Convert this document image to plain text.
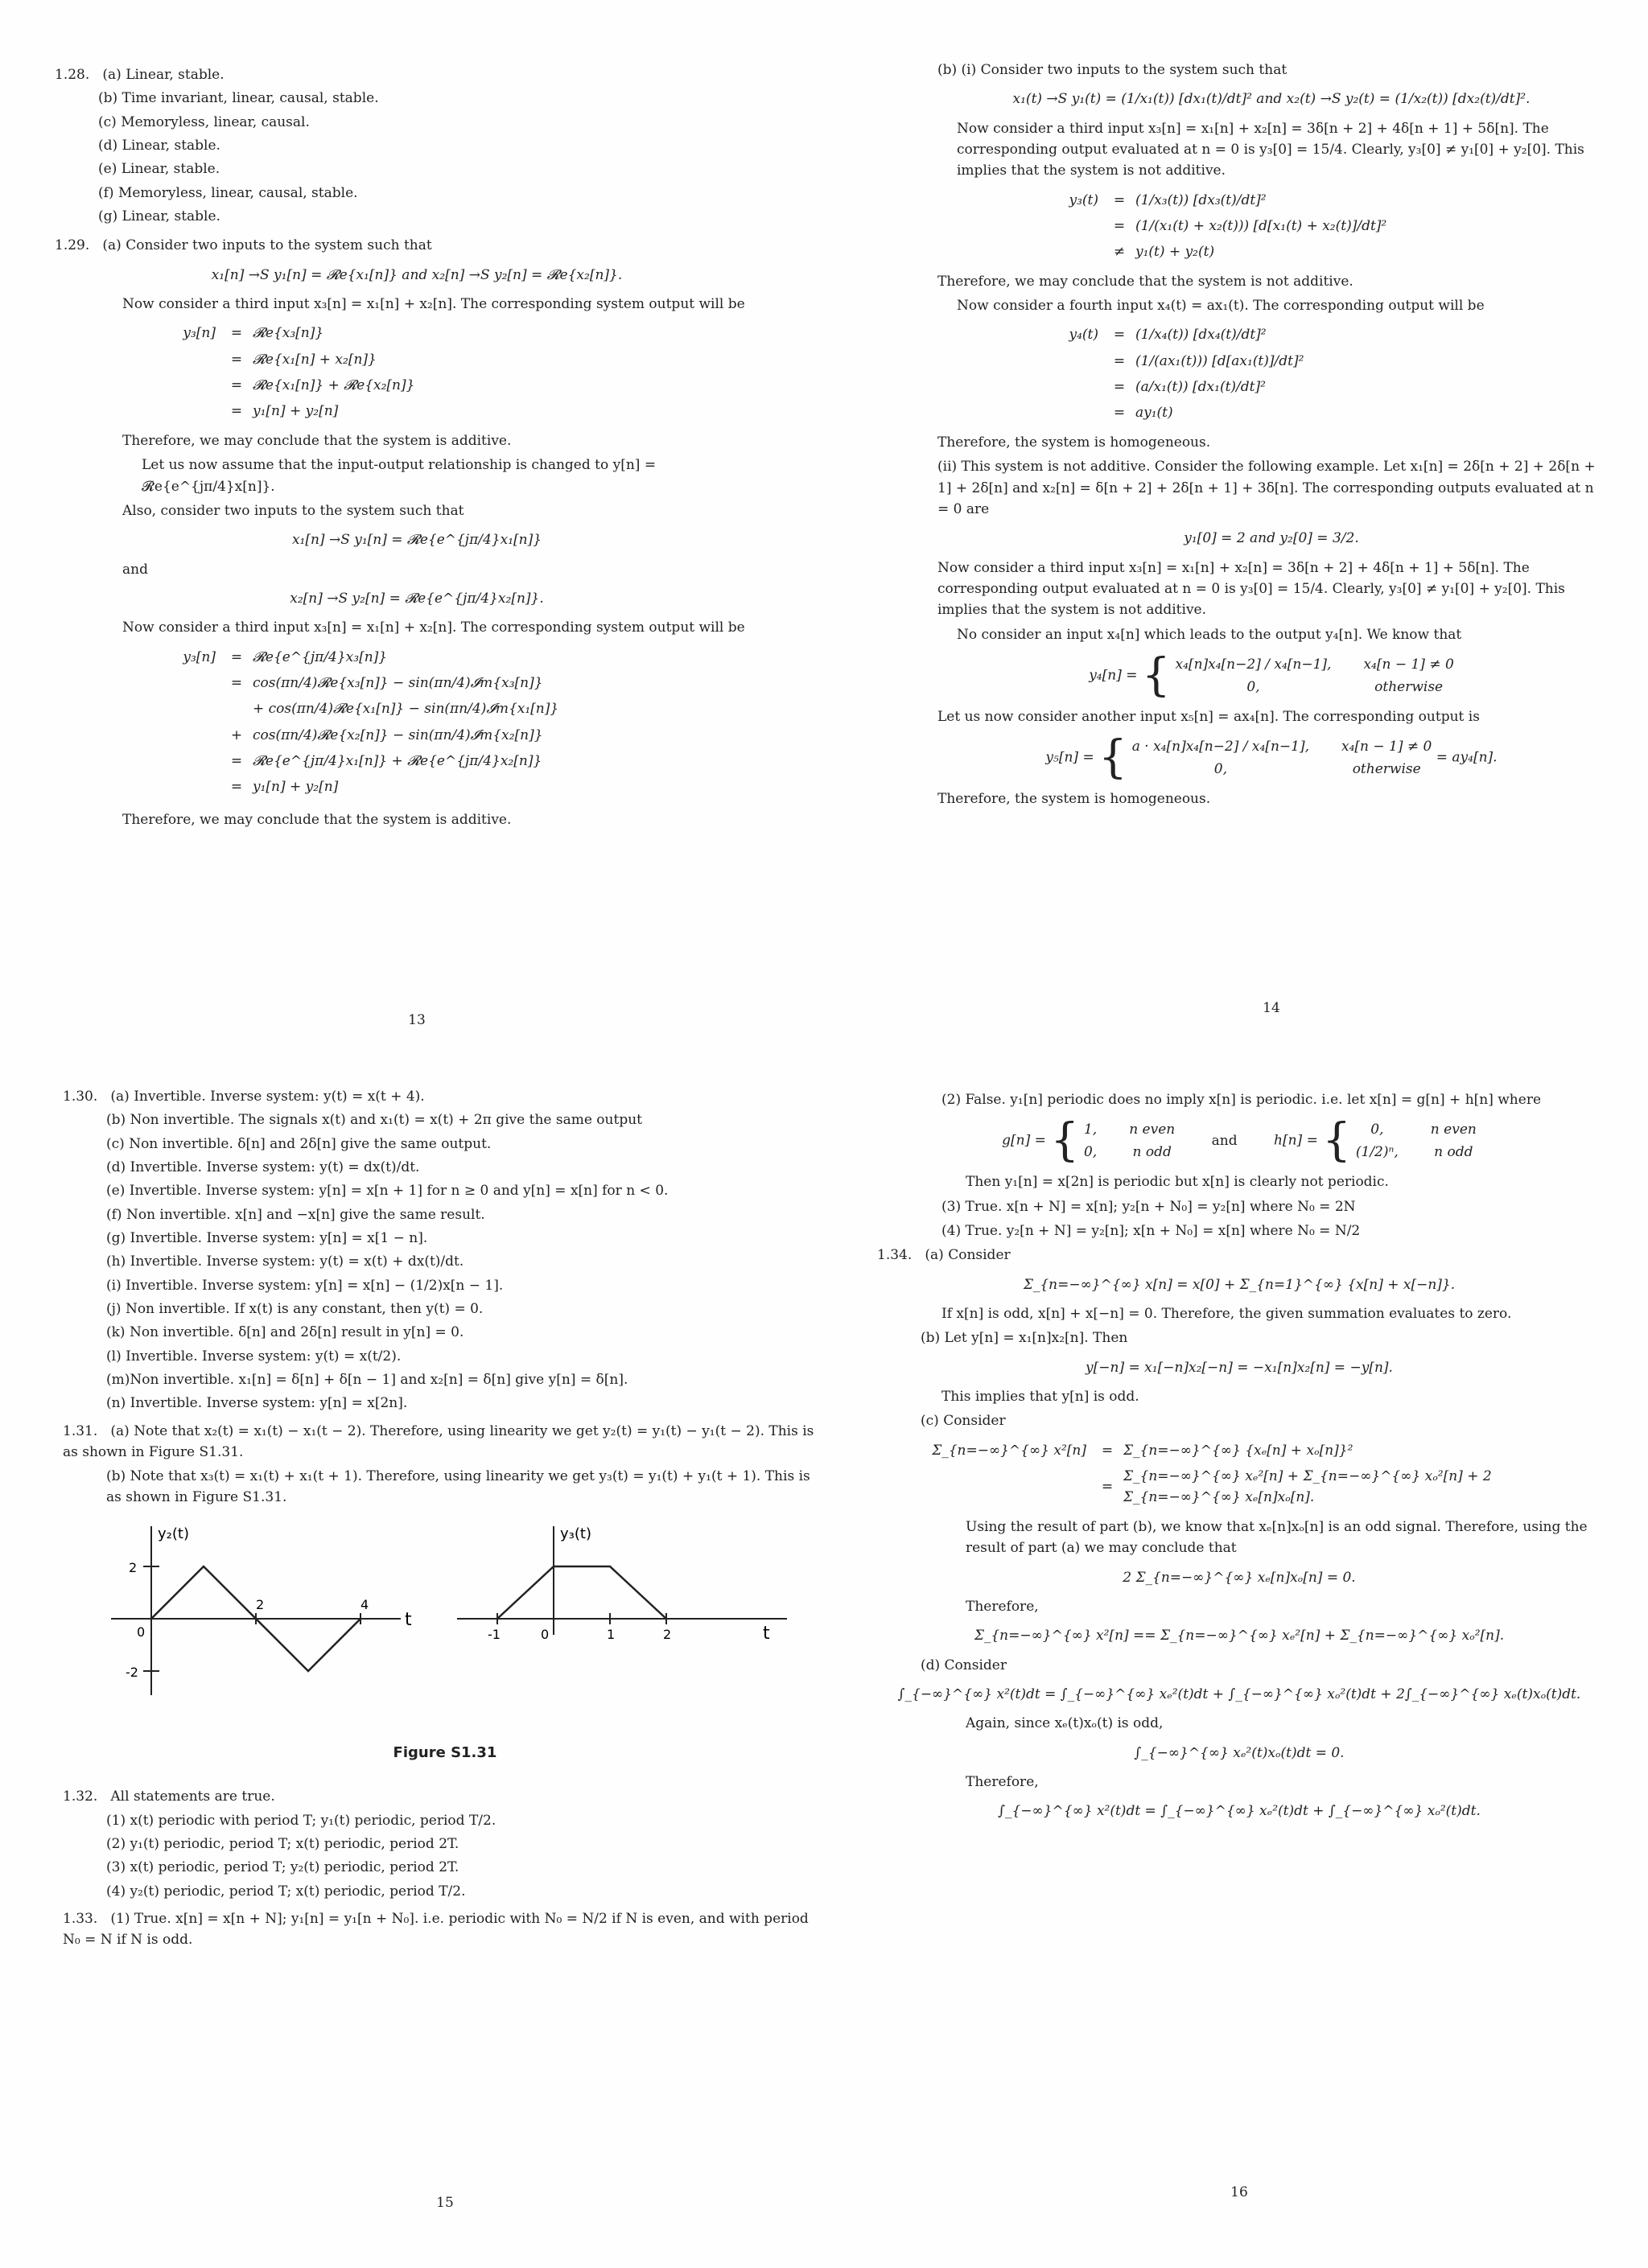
1.28. (a) Linear, stable.
(b) Time invariant, linear, causal, stable.
(c) Memoryless, linear, causal.
(d) Linear, stable.
(e) Linear, stable.
(f) Memoryless, linear, causal, stable.
(g) Linear, stable.
1.29. (a) Consider two inputs to the system such that
x₁[n] →S y₁[n] = 𝓡e{x₁[n]} and x₂[n] →S y₂[n] = 𝓡e{x₂[n]}.

Now consider a third input x₃[n] = x₁[n] + x₂[n]. The corresponding system output will be

y₃[n]	= 𝓡e{x₃[n]}
= 𝓡e{x₁[n] + x₂[n]}
= 𝓡e{x₁[n]} + 𝓡e{x₂[n]}
= y₁[n] + y₂[n]

Therefore, we may conclude that the system is additive.

Let us now assume that the input-output relationship is changed to y[n] = 𝓡e{e^{jπ/4}x[n]}.

Also, consider two inputs to the system such that

x₁[n] →S y₁[n] = 𝓡e{e^{jπ/4}x₁[n]}

and

x₂[n] →S y₂[n] = 𝓡e{e^{jπ/4}x₂[n]}.

Now consider a third input x₃[n] = x₁[n] + x₂[n]. The corresponding system output will be

y₃[n]	= 𝓡e{e^{jπ/4}x₃[n]}
= cos(πn/4)𝓡e{x₃[n]} − sin(πn/4)𝓘m{x₃[n]}
+ cos(πn/4)𝓡e{x₁[n]} − sin(πn/4)𝓘m{x₁[n]}
+ cos(πn/4)𝓡e{x₂[n]} − sin(πn/4)𝓘m{x₂[n]}
= 𝓡e{e^{jπ/4}x₁[n]} + 𝓡e{e^{jπ/4}x₂[n]}
= y₁[n] + y₂[n]

Therefore, we may conclude that the system is additive.

13

(b) (i) Consider two inputs to the system such that

x₁(t) →S y₁(t) = (1/x₁(t)) [dx₁(t)/dt]² and x₂(t) →S y₂(t) = (1/x₂(t)) [dx₂(t)/dt]².

Now consider a third input x₃[n] = x₁[n] + x₂[n] = 3δ[n + 2] + 4δ[n + 1] + 5δ[n]. The corresponding output evaluated at n = 0 is y₃[0] = 15/4. Clearly, y₃[0] ≠ y₁[0] + y₂[0]. This implies that the system is not additive.

y₃(t)	= (1/x₃(t)) [dx₃(t)/dt]²
= (1/(x₁(t) + x₂(t))) [d[x₁(t) + x₂(t)]/dt]²
≠ y₁(t) + y₂(t)

Therefore, we may conclude that the system is not additive.

Now consider a fourth input x₄(t) = ax₁(t). The corresponding output will be

y₄(t)	= (1/x₄(t)) [dx₄(t)/dt]²
= (1/(ax₁(t))) [d[ax₁(t)]/dt]²
= (a/x₁(t)) [dx₁(t)/dt]²
= ay₁(t)

Therefore, the system is homogeneous.

(ii) This system is not additive. Consider the following example. Let x₁[n] = 2δ[n + 2] + 2δ[n + 1] + 2δ[n] and x₂[n] = δ[n + 2] + 2δ[n + 1] + 3δ[n]. The corresponding outputs evaluated at n = 0 are

y₁[0] = 2 and y₂[0] = 3/2.

Now consider a third input x₃[n] = x₁[n] + x₂[n] = 3δ[n + 2] + 4δ[n + 1] + 5δ[n]. The corresponding output evaluated at n = 0 is y₃[0] = 15/4. Clearly, y₃[0] ≠ y₁[0] + y₂[0]. This implies that the system is not additive.

No consider an input x₄[n] which leads to the output y₄[n]. We know that

y₄[n] = { x₄[n]x₄[n−2] / x₄[n−1], x₄[n − 1] ≠ 0
0,	otherwise

Let us now consider another input x₅[n] = ax₄[n]. The corresponding output is

y₅[n] = { a · x₄[n]x₄[n−2] / x₄[n−1], x₄[n − 1] ≠ 0
0,	otherwise
= ay₄[n].

Therefore, the system is homogeneous.

14
1.30. (a) Invertible. Inverse system: y(t) = x(t + 4).
(b) Non invertible. The signals x(t) and x₁(t) = x(t) + 2π give the same output
(c) Non invertible. δ[n] and 2δ[n] give the same output.
(d) Invertible. Inverse system: y(t) = dx(t)/dt.
(e) Invertible. Inverse system: y[n] = x[n + 1] for n ≥ 0 and y[n] = x[n] for n < 0.
(f) Non invertible. x[n] and −x[n] give the same result.
(g) Invertible. Inverse system: y[n] = x[1 − n].
(h) Invertible. Inverse system: y(t) = x(t) + dx(t)/dt.
(i) Invertible. Inverse system: y[n] = x[n] − (1/2)x[n − 1].
(j) Non invertible. If x(t) is any constant, then y(t) = 0.
(k) Non invertible. δ[n] and 2δ[n] result in y[n] = 0.
(l) Invertible. Inverse system: y(t) = x(t/2).
(m)Non invertible. x₁[n] = δ[n] + δ[n − 1] and x₂[n] = δ[n] give y[n] = δ[n].
(n) Invertible. Inverse system: y[n] = x[2n].
1.31. (a) Note that x₂(t) = x₁(t) − x₁(t − 2). Therefore, using linearity we get y₂(t) = y₁(t) − y₁(t − 2). This is as shown in Figure S1.31.
(b) Note that x₃(t) = x₁(t) + x₁(t + 1). Therefore, using linearity we get y₃(t) = y₁(t) + y₁(t + 1). This is as shown in Figure S1.31.
y₂(t)
t
2
0
2	4
-2
y₃(t)
t
-1	0	1	2
Figure S1.31
1.32. All statements are true.
(1) x(t) periodic with period T; y₁(t) periodic, period T/2.
(2) y₁(t) periodic, period T; x(t) periodic, period 2T.
(3) x(t) periodic, period T; y₂(t) periodic, period 2T.
(4) y₂(t) periodic, period T; x(t) periodic, period T/2.
1.33. (1) True. x[n] = x[n + N]; y₁[n] = y₁[n + N₀]. i.e. periodic with N₀ = N/2 if N is even, and with period N₀ = N if N is odd.
15

(2) False. y₁[n] periodic does no imply x[n] is periodic. i.e. let x[n] = g[n] + h[n] where

g[n] = { 1, n even
0,	n odd
and	h[n] = {	0,	n even
(1/2)ⁿ,	n odd

Then y₁[n] = x[2n] is periodic but x[n] is clearly not periodic.

(3) True. x[n + N] = x[n]; y₂[n + N₀] = y₂[n] where N₀ = 2N

(4) True. y₂[n + N] = y₂[n]; x[n + N₀] = x[n] where N₀ = N/2

1.34. (a) Consider
Σ_{n=−∞}^{∞} x[n] = x[0] + Σ_{n=1}^{∞} {x[n] + x[−n]}.

If x[n] is odd, x[n] + x[−n] = 0. Therefore, the given summation evaluates to zero.

(b) Let y[n] = x₁[n]x₂[n]. Then

y[−n] = x₁[−n]x₂[−n] = −x₁[n]x₂[n] = −y[n].

This implies that y[n] is odd.

(c) Consider

Σ_{n=−∞}^{∞} x²[n]	= Σ_{n=−∞}^{∞} {xₑ[n] + xₒ[n]}²
=
Σ_{n=−∞}^{∞} xₑ²[n] + Σ_{n=−∞}^{∞} xₒ²[n] + 2 Σ_{n=−∞}^{∞} xₑ[n]xₒ[n].

Using the result of part (b), we know that xₑ[n]xₒ[n] is an odd signal. Therefore, using the result of part (a) we may conclude that

2 Σ_{n=−∞}^{∞} xₑ[n]xₒ[n] = 0.

Therefore,

Σ_{n=−∞}^{∞} x²[n] == Σ_{n=−∞}^{∞} xₑ²[n] + Σ_{n=−∞}^{∞} xₒ²[n].

(d) Consider

∫_{−∞}^{∞} x²(t)dt = ∫_{−∞}^{∞} xₑ²(t)dt + ∫_{−∞}^{∞} xₒ²(t)dt + 2∫_{−∞}^{∞} xₑ(t)xₒ(t)dt.

Again, since xₑ(t)xₒ(t) is odd,

∫_{−∞}^{∞} xₑ²(t)xₒ(t)dt = 0.

Therefore,

∫_{−∞}^{∞} x²(t)dt = ∫_{−∞}^{∞} xₑ²(t)dt + ∫_{−∞}^{∞} xₒ²(t)dt.
16
